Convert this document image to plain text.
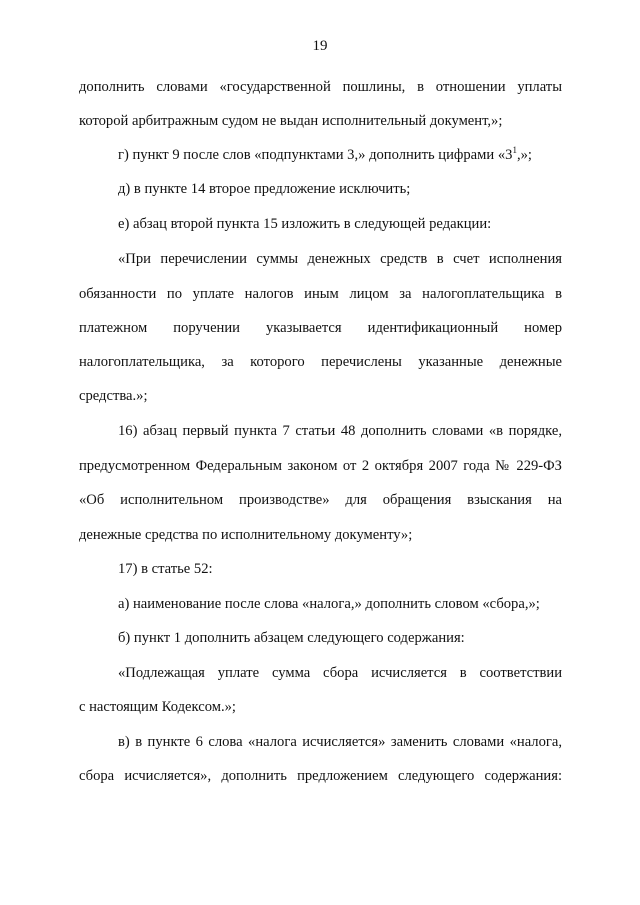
19
дополнить словами «государственной пошлины, в отношении уплаты
которой арбитражным судом не выдан исполнительный документ,»;
г) пункт 9 после слов «подпунктами 3,» дополнить цифрами «$3^1$,»;
д) в пункте 14 второе предложение исключить;
е) абзац второй пункта 15 изложить в следующей редакции:
«При перечислении суммы денежных средств в счет исполнения
обязанности по уплате налогов иным лицом за налогоплательщика в
платежном поручении указывается идентификационный номер
налогоплательщика, за которого перечислены указанные денежные
средства.»;
16) абзац первый пункта 7 статьи 48 дополнить словами «в порядке,
предусмотренном Федеральным законом от 2 октября 2007 года № 229-ФЗ
«Об исполнительном производстве» для обращения взыскания на
денежные средства по исполнительному документу»;
17) в статье 52:
а) наименование после слова «налога,» дополнить словом «сбора,»;
б) пункт 1 дополнить абзацем следующего содержания:
«Подлежащая уплате сумма сбора исчисляется в соответствии
с настоящим Кодексом.»;
в) в пункте 6 слова «налога исчисляется» заменить словами «налога,
сбора исчисляется», дополнить предложением следующего содержания:
